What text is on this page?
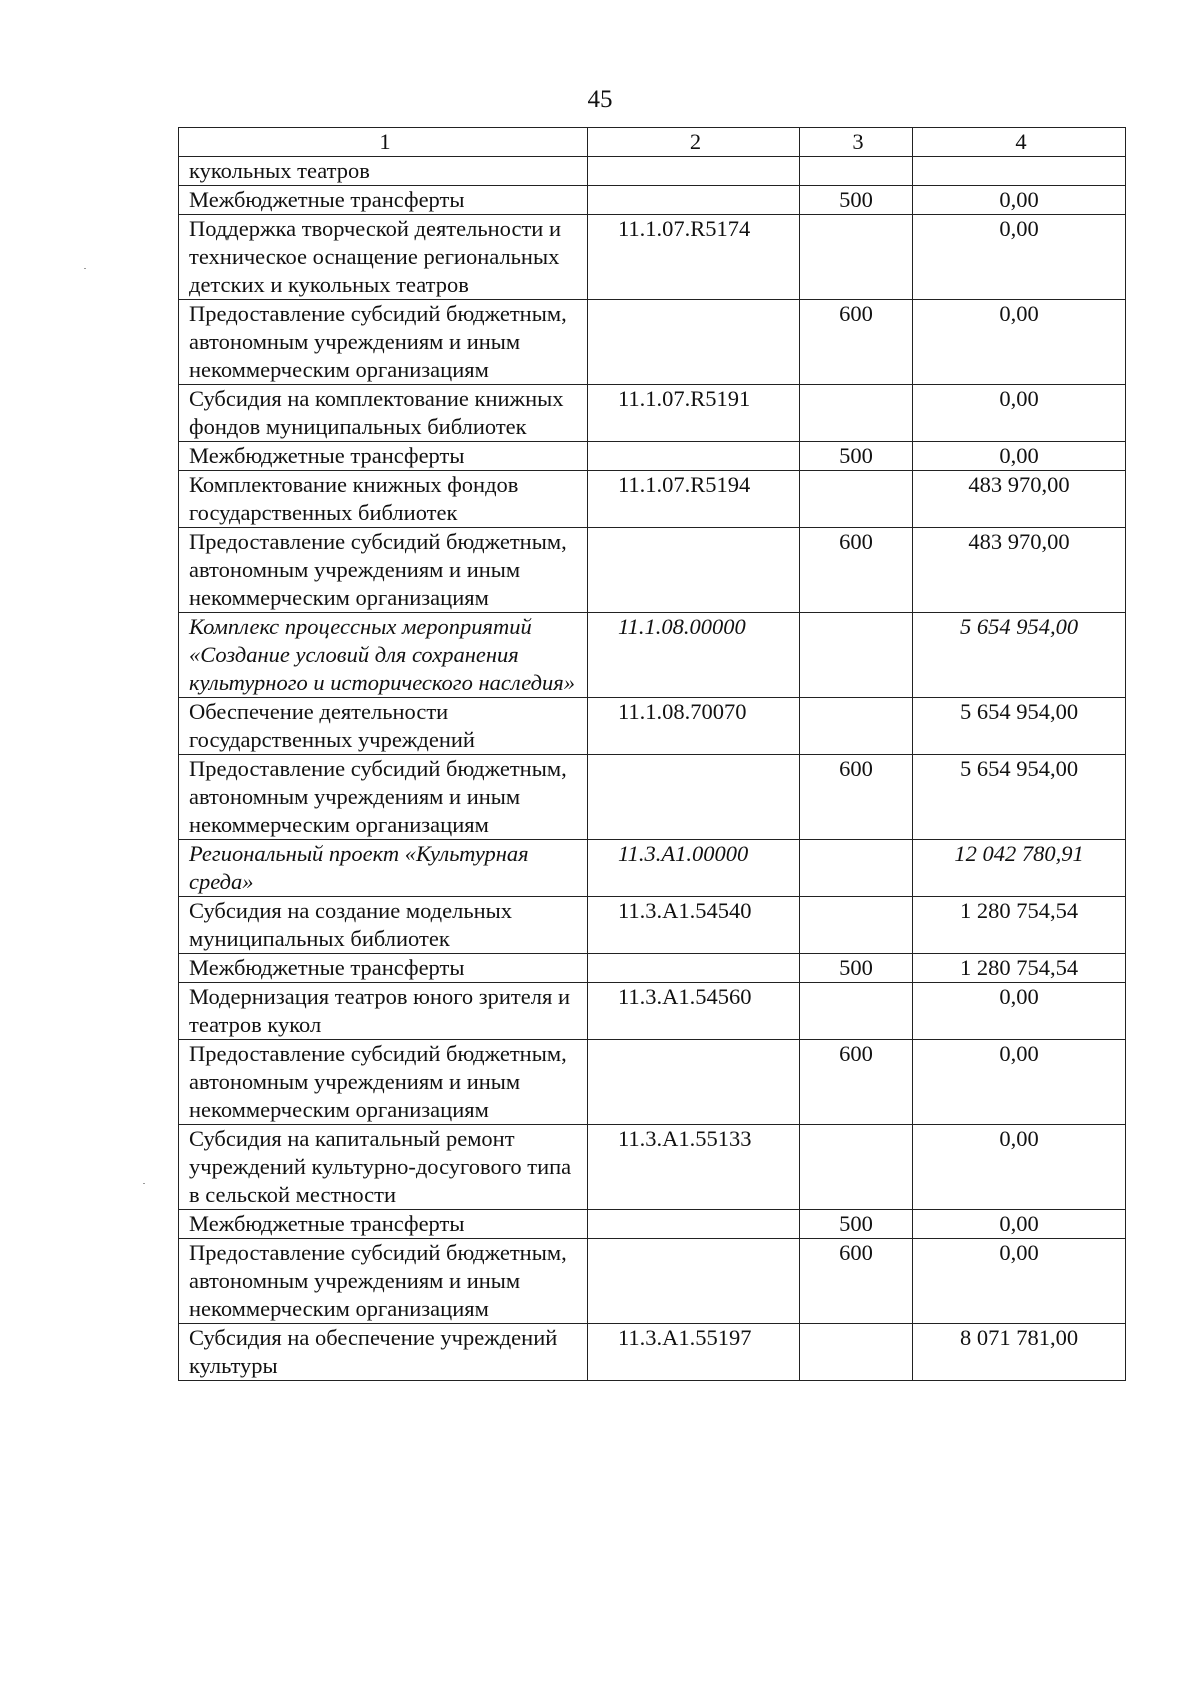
45
1	2	3	4
кукольных театров			
Межбюджетные трансферты		500	0,00
Поддержка творческой деятельности и техническое оснащение региональных детских и кукольных театров	11.1.07.R5174		0,00
Предоставление субсидий бюджетным, автономным учреждениям и иным некоммерческим организациям		600	0,00
Субсидия на комплектование книжных фондов муниципальных библиотек	11.1.07.R5191		0,00
Межбюджетные трансферты		500	0,00
Комплектование книжных фондов государственных библиотек	11.1.07.R5194		483 970,00
Предоставление субсидий бюджетным, автономным учреждениям и иным некоммерческим организациям		600	483 970,00
Комплекс процессных мероприятий «Создание условий для сохранения культурного и исторического наследия»	11.1.08.00000		5 654 954,00
Обеспечение деятельности государственных учреждений	11.1.08.70070		5 654 954,00
Предоставление субсидий бюджетным, автономным учреждениям и иным некоммерческим организациям		600	5 654 954,00
Региональный проект «Культурная среда»	11.3.A1.00000		12 042 780,91
Субсидия на создание модельных муниципальных библиотек	11.3.A1.54540		1 280 754,54
Межбюджетные трансферты		500	1 280 754,54
Модернизация театров юного зрителя и театров кукол	11.3.A1.54560		0,00
Предоставление субсидий бюджетным, автономным учреждениям и иным некоммерческим организациям		600	0,00
Субсидия на капитальный ремонт учреждений культурно-досугового типа в сельской местности	11.3.A1.55133		0,00
Межбюджетные трансферты		500	0,00
Предоставление субсидий бюджетным, автономным учреждениям и иным некоммерческим организациям		600	0,00
Субсидия на обеспечение учреждений культуры	11.3.A1.55197		8 071 781,00
